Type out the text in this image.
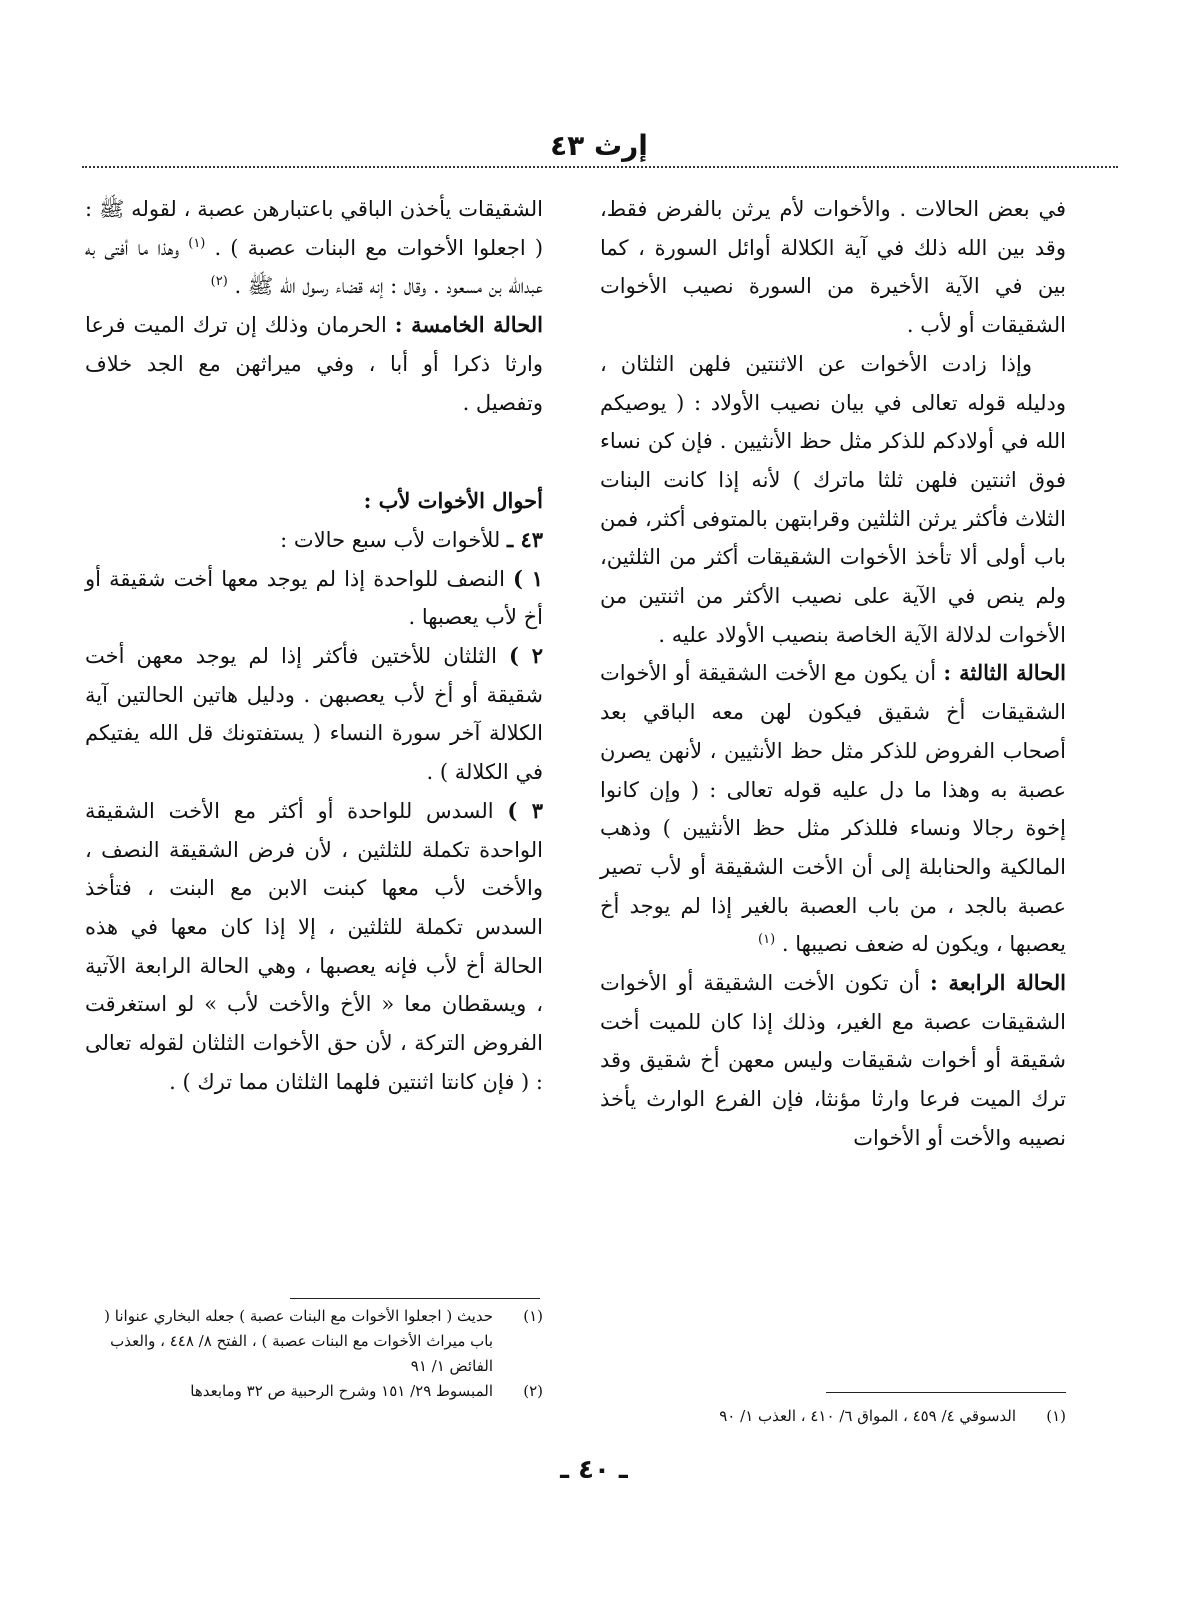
إرث ٤٣

في بعض الحالات . والأخوات لأم يرثن بالفرض فقط، وقد بين الله ذلك في آية الكلالة أوائل السورة ، كما بين في الآية الأخيرة من السورة نصيب الأخوات الشقيقات أو لأب .

وإذا زادت الأخوات عن الاثنتين فلهن الثلثان ، ودليله قوله تعالى في بيان نصيب الأولاد : ( يوصيكم الله في أولادكم للذكر مثل حظ الأنثيين . فإن كن نساء فوق اثنتين فلهن ثلثا ماترك ) لأنه إذا كانت البنات الثلاث فأكثر يرثن الثلثين وقرابتهن بالمتوفى أكثر، فمن باب أولى ألا تأخذ الأخوات الشقيقات أكثر من الثلثين، ولم ينص في الآية على نصيب الأكثر من اثنتين من الأخوات لدلالة الآية الخاصة بنصيب الأولاد عليه .

الحالة الثالثة : أن يكون مع الأخت الشقيقة أو الأخوات الشقيقات أخ شقيق فيكون لهن معه الباقي بعد أصحاب الفروض للذكر مثل حظ الأنثيين ، لأنهن يصرن عصبة به وهذا ما دل عليه قوله تعالى : ( وإن كانوا إخوة رجالا ونساء فللذكر مثل حظ الأنثيين ) وذهب المالكية والحنابلة إلى أن الأخت الشقيقة أو لأب تصير عصبة بالجد ، من باب العصبة بالغير إذا لم يوجد أخ يعصبها ، ويكون له ضعف نصيبها . $^{(١)}$

الحالة الرابعة : أن تكون الأخت الشقيقة أو الأخوات الشقيقات عصبة مع الغير، وذلك إذا كان للميت أخت شقيقة أو أخوات شقيقات وليس معهن أخ شقيق وقد ترك الميت فرعا وارثا مؤنثا، فإن الفرع الوارث يأخذ نصيبه والأخت أو الأخوات

الشقيقات يأخذن الباقي باعتبارهن عصبة ، لقوله ﷺ : ( اجعلوا الأخوات مع البنات عصبة ) . $^{(١)}$ وهذا ما أفتى به عبدالله بن مسعود . وقال : إنه قضاء رسول الله ﷺ . $^{(٢)}$

الحالة الخامسة : الحرمان وذلك إن ترك الميت فرعا وارثا ذكرا أو أبا ، وفي ميراثهن مع الجد خلاف وتفصيل .

أحوال الأخوات لأب :

٤٣ ـ للأخوات لأب سبع حالات :

١ ) النصف للواحدة إذا لم يوجد معها أخت شقيقة أو أخ لأب يعصبها .

٢ ) الثلثان للأختين فأكثر إذا لم يوجد معهن أخت شقيقة أو أخ لأب يعصبهن . ودليل هاتين الحالتين آية الكلالة آخر سورة النساء ( يستفتونك قل الله يفتيكم في الكلالة ) .

٣ ) السدس للواحدة أو أكثر مع الأخت الشقيقة الواحدة تكملة للثلثين ، لأن فرض الشقيقة النصف ، والأخت لأب معها كبنت الابن مع البنت ، فتأخذ السدس تكملة للثلثين ، إلا إذا كان معها في هذه الحالة أخ لأب فإنه يعصبها ، وهي الحالة الرابعة الآتية ، ويسقطان معا « الأخ والأخت لأب » لو استغرقت الفروض التركة ، لأن حق الأخوات الثلثان لقوله تعالى : ( فإن كانتا اثنتين فلهما الثلثان مما ترك ) .

(١)
حديث ( اجعلوا الأخوات مع البنات عصبة ) جعله البخاري عنوانا ( باب ميراث الأخوات مع البنات عصبة ) ، الفتح ٨/ ٤٤٨ ، والعذب الفائض ١/ ٩١
(٢)
المبسوط ٢٩/ ١٥١ وشرح الرحبية ص ٣٢ ومابعدها
(١)
الدسوقي ٤/ ٤٥٩ ، المواق ٦/ ٤١٠ ، العذب ١/ ٩٠
ـ ٤٠ ـ
